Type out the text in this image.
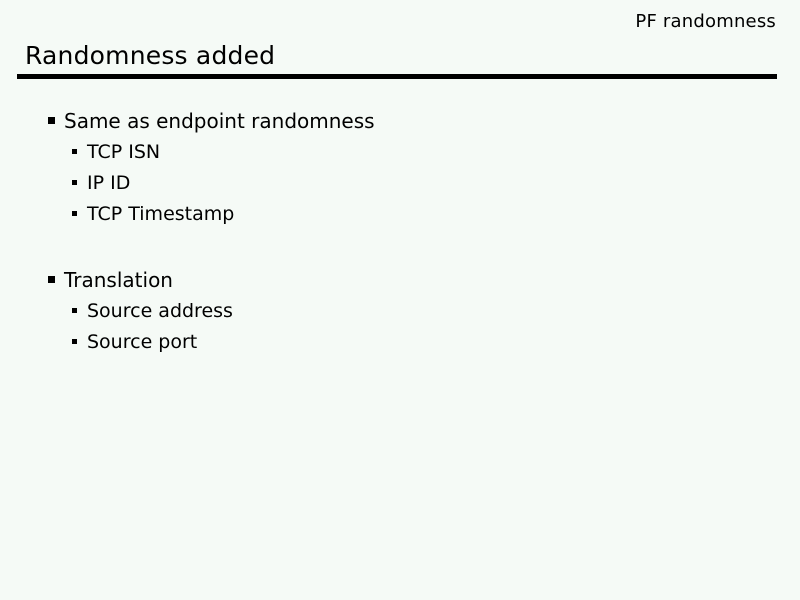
PF randomness
Randomness added
Same as endpoint randomness
TCP ISN
IP ID
TCP Timestamp
Translation
Source address
Source port
